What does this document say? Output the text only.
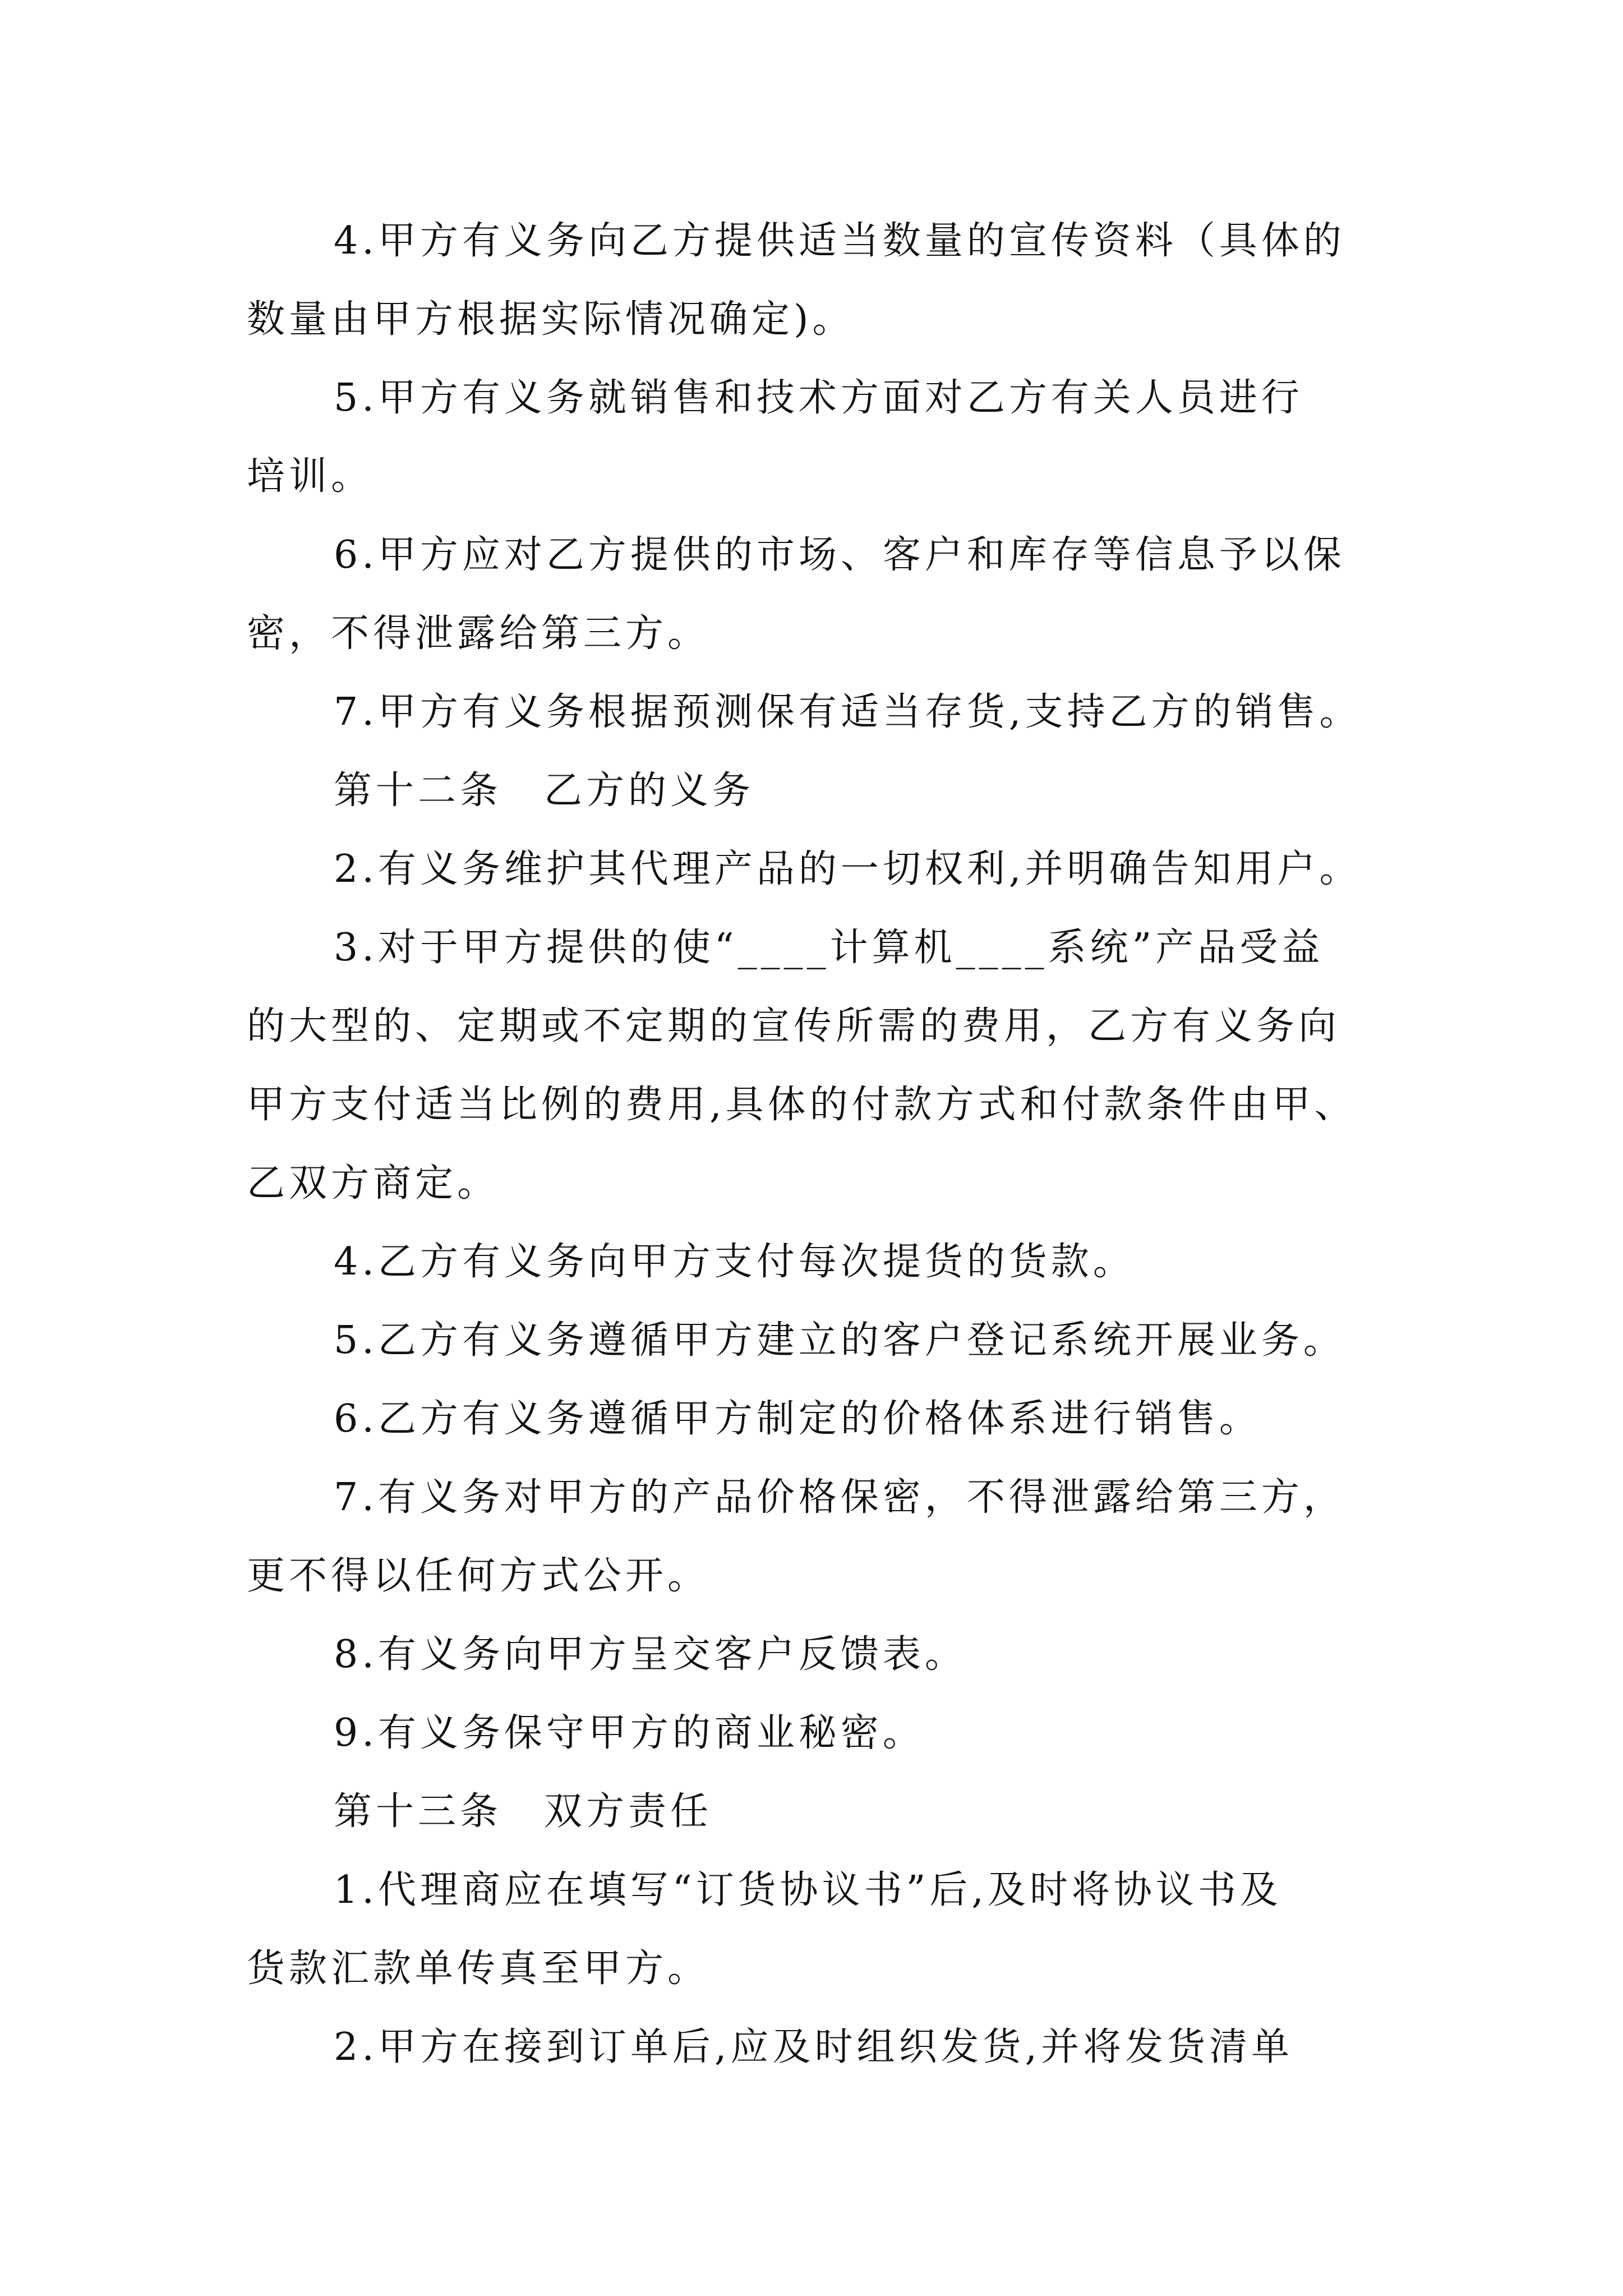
4.甲方有义务向乙方提供适当数量的宣传资料（具体的
数量由甲方根据实际情况确定)。
5.甲方有义务就销售和技术方面对乙方有关人员进行
培训。
6.甲方应对乙方提供的市场、客户和库存等信息予以保
密，不得泄露给第三方。
7.甲方有义务根据预测保有适当存货,支持乙方的销售。
第十二条　乙方的义务
2.有义务维护其代理产品的一切权利,并明确告知用户。
3.对于甲方提供的使“____计算机____系统”产品受益
的大型的、定期或不定期的宣传所需的费用，乙方有义务向
甲方支付适当比例的费用,具体的付款方式和付款条件由甲、
乙双方商定。
4.乙方有义务向甲方支付每次提货的货款。
5.乙方有义务遵循甲方建立的客户登记系统开展业务。
6.乙方有义务遵循甲方制定的价格体系进行销售。
7.有义务对甲方的产品价格保密，不得泄露给第三方，
更不得以任何方式公开。
8.有义务向甲方呈交客户反馈表。
9.有义务保守甲方的商业秘密。
第十三条　双方责任
1.代理商应在填写“订货协议书”后,及时将协议书及
货款汇款单传真至甲方。
2.甲方在接到订单后,应及时组织发货,并将发货清单
